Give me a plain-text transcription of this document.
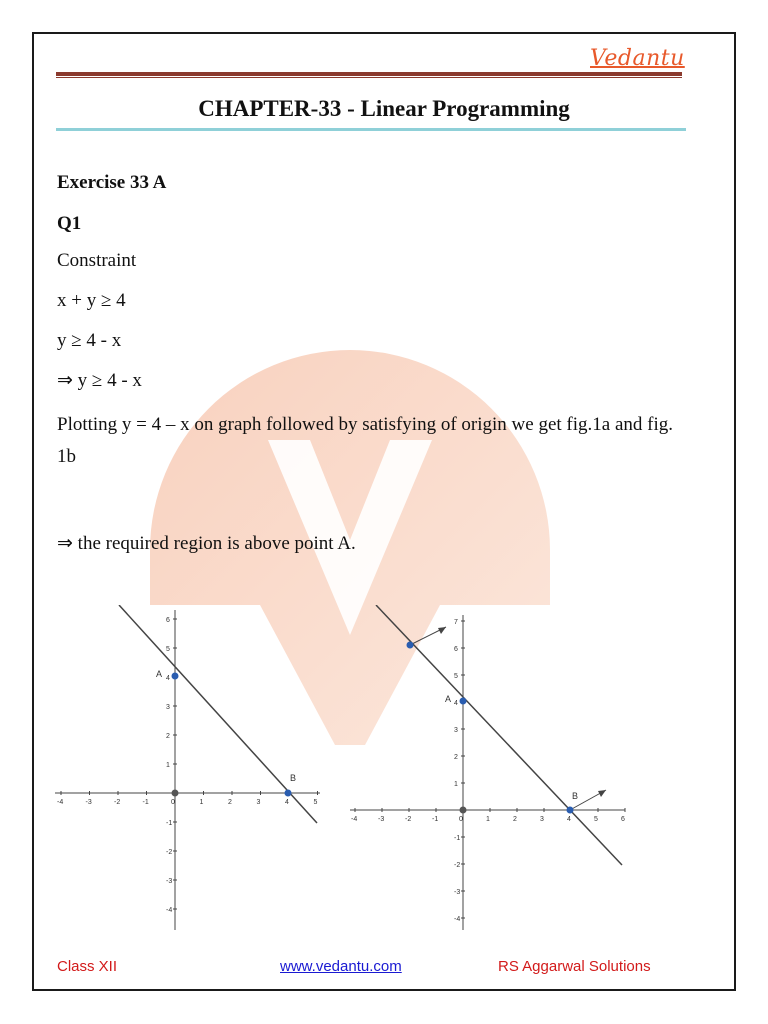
Vedantu
CHAPTER-33 - Linear Programming
Exercise 33 A
Q1
Constraint
x + y ≥ 4
y ≥ 4 - x
⇒ y ≥ 4 - x
Plotting y = 4 – x on graph followed by satisfying of origin we get fig.1a and fig. 1b
⇒ the required region is above point A.
-4	-3	-2	-1	0	1	2	3	4	5
6
5
4
3
2
1
-1
-2
-3
-4
A
B
-4	-3	-2	-1	0	1	2	3	4	5	6
7
6
5
4
3
2
1
-1
-2
-3
-4
A
B
Class XII	www.vedantu.com	RS Aggarwal Solutions
